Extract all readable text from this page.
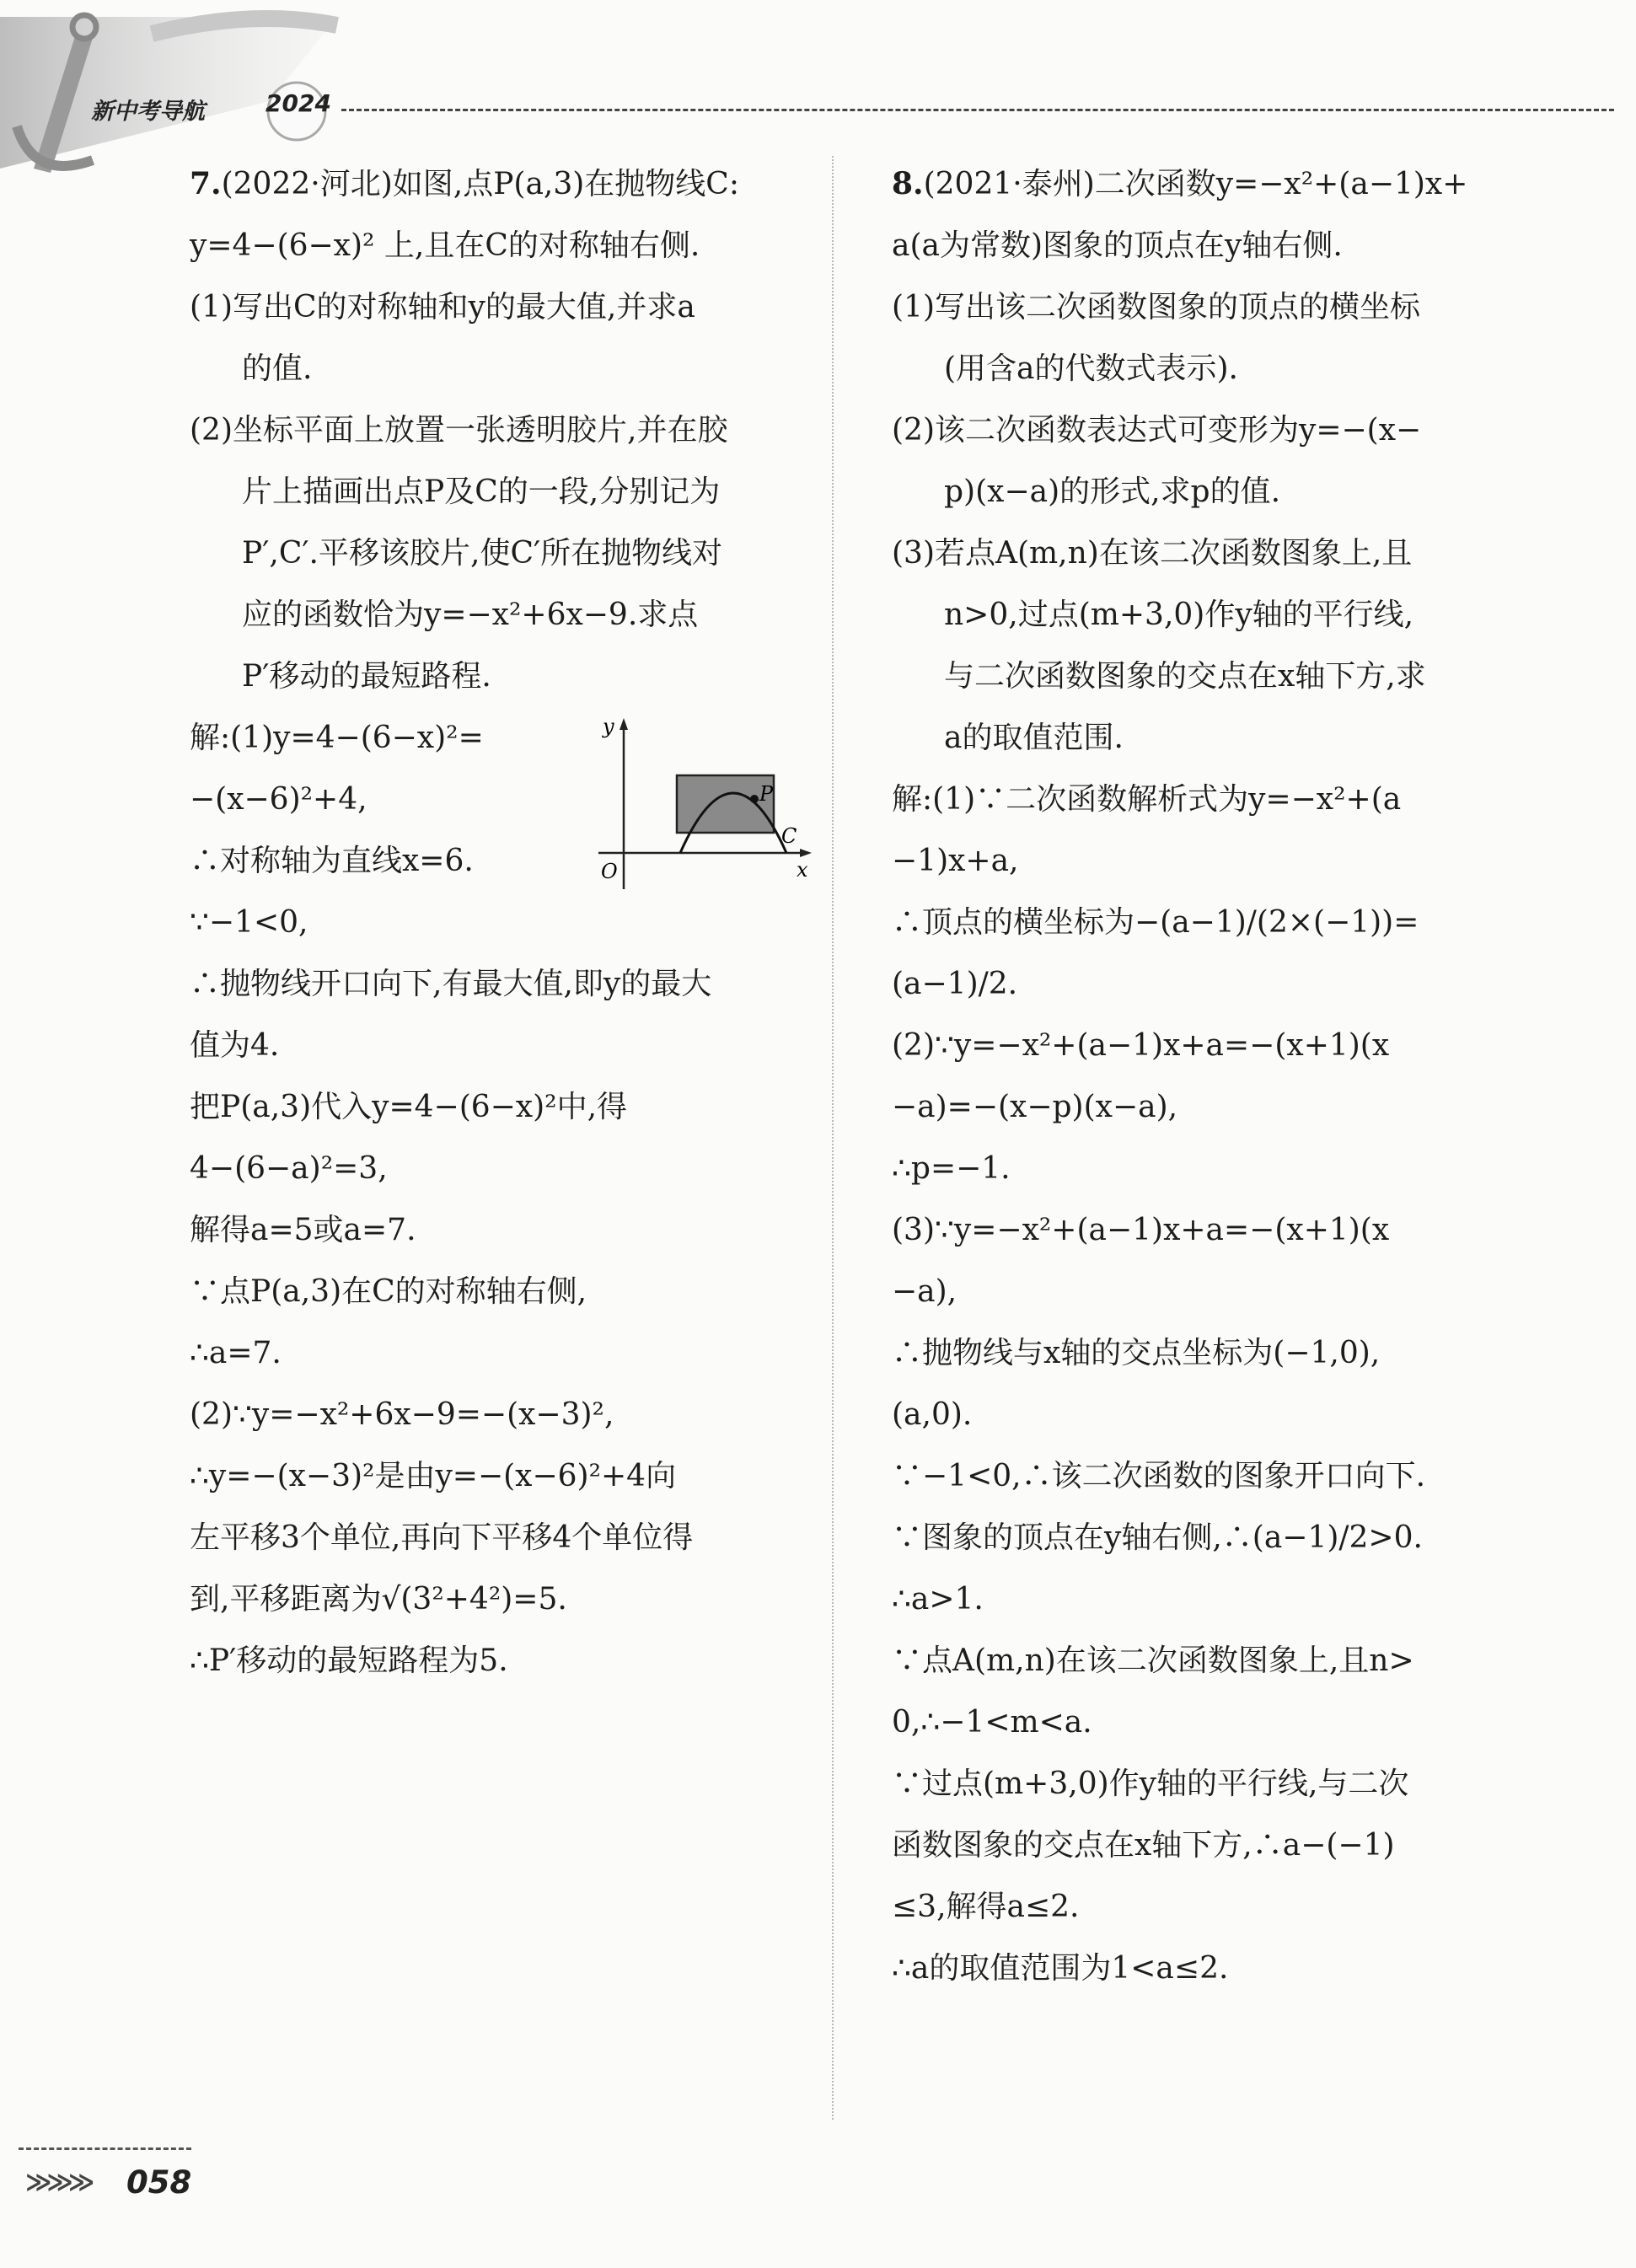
新中考导航	2024

7.(2022·河北)如图,点P(a,3)在抛物线C:

y=4−(6−x)² 上,且在C的对称轴右侧.

(1)写出C的对称轴和y的最大值,并求a

的值.

(2)坐标平面上放置一张透明胶片,并在胶

片上描画出点P及C的一段,分别记为

P′,C′.平移该胶片,使C′所在抛物线对

应的函数恰为y=−x²+6x−9.求点

P′移动的最短路程.

解:(1)y=4−(6−x)²=

−(x−6)²+4,

∴对称轴为直线x=6.

∵−1<0,

∴抛物线开口向下,有最大值,即y的最大

值为4.

把P(a,3)代入y=4−(6−x)²中,得

4−(6−a)²=3,

解得a=5或a=7.

∵点P(a,3)在C的对称轴右侧,

∴a=7.

(2)∵y=−x²+6x−9=−(x−3)²,

∴y=−(x−3)²是由y=−(x−6)²+4向

左平移3个单位,再向下平移4个单位得

到,平移距离为√(3²+4²)=5.

∴P′移动的最短路程为5.

y
x
O
P
C

8.(2021·泰州)二次函数y=−x²+(a−1)x+

a(a为常数)图象的顶点在y轴右侧.

(1)写出该二次函数图象的顶点的横坐标

(用含a的代数式表示).

(2)该二次函数表达式可变形为y=−(x−

p)(x−a)的形式,求p的值.

(3)若点A(m,n)在该二次函数图象上,且

n>0,过点(m+3,0)作y轴的平行线,

与二次函数图象的交点在x轴下方,求

a的取值范围.

解:(1)∵二次函数解析式为y=−x²+(a

−1)x+a,

∴顶点的横坐标为−(a−1)/(2×(−1))=(a−1)/2.

(2)∵y=−x²+(a−1)x+a=−(x+1)(x

−a)=−(x−p)(x−a),

∴p=−1.

(3)∵y=−x²+(a−1)x+a=−(x+1)(x

−a),

∴抛物线与x轴的交点坐标为(−1,0),

(a,0).

∵−1<0,∴该二次函数的图象开口向下.

∵图象的顶点在y轴右侧,∴(a−1)/2>0.

∴a>1.

∵点A(m,n)在该二次函数图象上,且n>

0,∴−1<m<a.

∵过点(m+3,0)作y轴的平行线,与二次

函数图象的交点在x轴下方,∴a−(−1)

≤3,解得a≤2.

∴a的取值范围为1<a≤2.

≫≫≫ 058
